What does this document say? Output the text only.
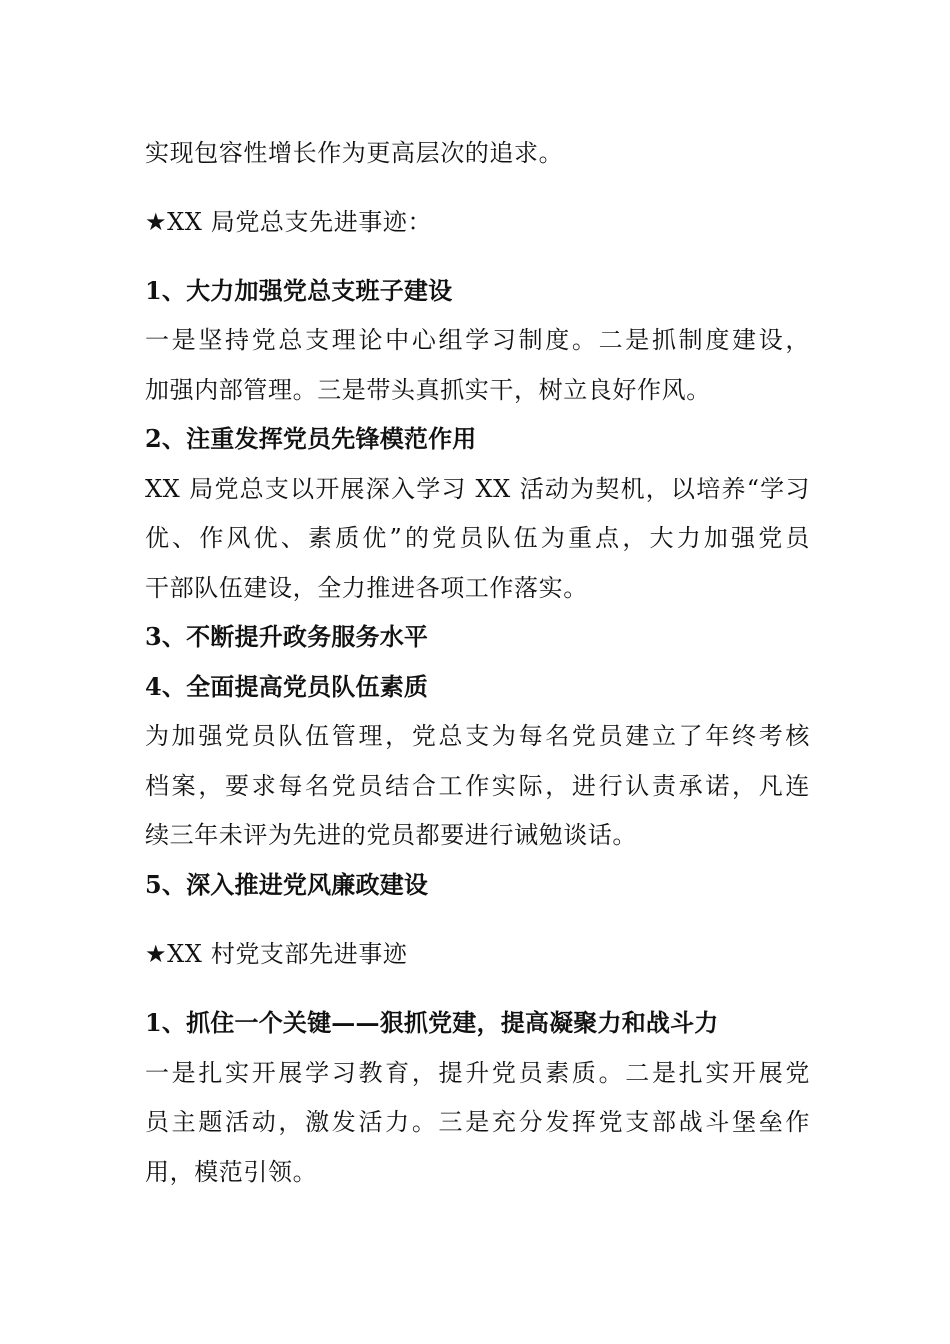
实现包容性增长作为更高层次的追求。
★XX 局党总支先进事迹：
1、大力加强党总支班子建设
一是坚持党总支理论中心组学习制度。二是抓制度建设，
加强内部管理。三是带头真抓实干，树立良好作风。
2、注重发挥党员先锋模范作用
XX 局党总支以开展深入学习 XX 活动为契机，以培养“学习
优、作风优、素质优”的党员队伍为重点，大力加强党员
干部队伍建设，全力推进各项工作落实。
3、不断提升政务服务水平
4、全面提高党员队伍素质
为加强党员队伍管理，党总支为每名党员建立了年终考核
档案，要求每名党员结合工作实际，进行认责承诺，凡连
续三年未评为先进的党员都要进行诫勉谈话。
5、深入推进党风廉政建设
★XX 村党支部先进事迹
1、抓住一个关键——狠抓党建，提高凝聚力和战斗力
一是扎实开展学习教育，提升党员素质。二是扎实开展党
员主题活动，激发活力。三是充分发挥党支部战斗堡垒作
用，模范引领。
